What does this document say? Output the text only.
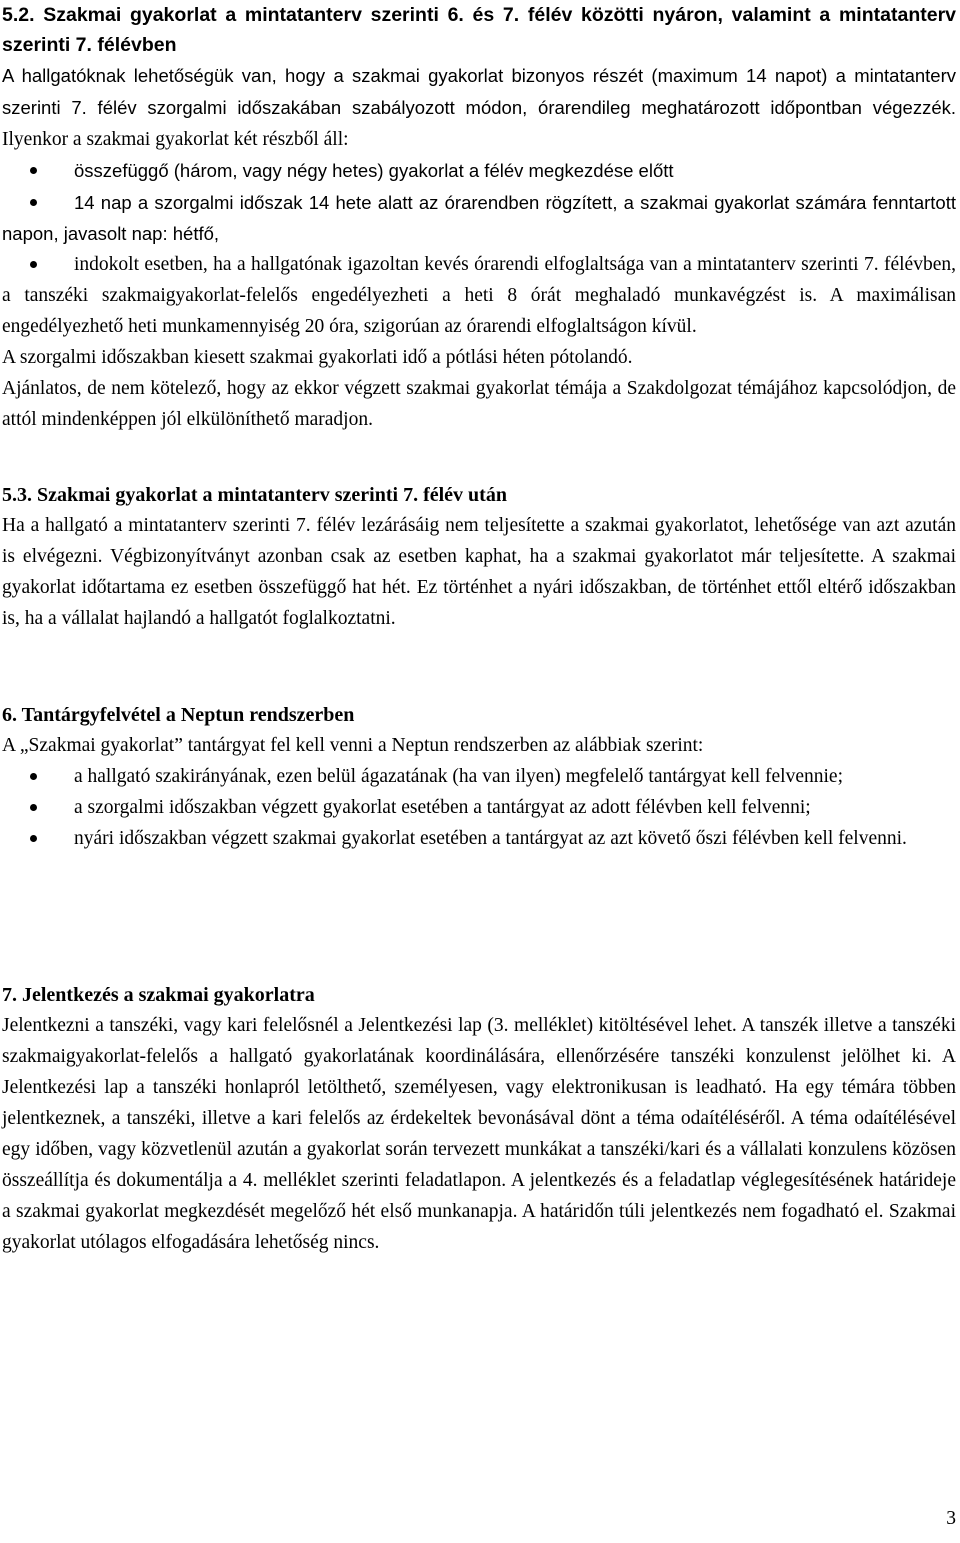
5.2. Szakmai gyakorlat a mintatanterv szerinti 6. és 7. félév közötti nyáron, valamint a mintatanterv szerinti 7. félévben

A hallgatóknak lehetőségük van, hogy a szakmai gyakorlat bizonyos részét (maximum 14 napot) a mintatanterv szerinti 7. félév szorgalmi időszakában szabályozott módon, órarendileg meghatározott időpontban végezzék. Ilyenkor a szakmai gyakorlat két részből áll:

összefüggő (három, vagy négy hetes) gyakorlat a félév megkezdése előtt

14 nap a szorgalmi időszak 14 hete alatt az órarendben rögzített, a szakmai gyakorlat számára fenntartott napon, javasolt nap: hétfő,

indokolt esetben, ha a hallgatónak igazoltan kevés órarendi elfoglaltsága van a mintatanterv szerinti 7. félévben, a tanszéki szakmaigyakorlat-felelős engedélyezheti a heti 8 órát meghaladó munkavégzést is. A maximálisan engedélyezhető heti munkamennyiség 20 óra, szigorúan az órarendi elfoglaltságon kívül.

A szorgalmi időszakban kiesett szakmai gyakorlati idő a pótlási héten pótolandó.

Ajánlatos, de nem kötelező, hogy az ekkor végzett szakmai gyakorlat témája a Szakdolgozat témájához kapcsolódjon, de attól mindenképpen jól elkülöníthető maradjon.

5.3. Szakmai gyakorlat a mintatanterv szerinti 7. félév után

Ha a hallgató a mintatanterv szerinti 7. félév lezárásáig nem teljesítette a szakmai gyakorlatot, lehetősége van azt azután is elvégezni. Végbizonyítványt azonban csak az esetben kaphat, ha a szakmai gyakorlatot már teljesítette. A szakmai gyakorlat időtartama ez esetben összefüggő hat hét. Ez történhet a nyári időszakban, de történhet ettől eltérő időszakban is, ha a vállalat hajlandó a hallgatót foglalkoztatni.

6. Tantárgyfelvétel a Neptun rendszerben

A „Szakmai gyakorlat” tantárgyat fel kell venni a Neptun rendszerben az alábbiak szerint:

a hallgató szakirányának, ezen belül ágazatának (ha van ilyen) megfelelő tantárgyat kell felvennie;
a szorgalmi időszakban végzett gyakorlat esetében a tantárgyat az adott félévben kell felvenni;
nyári időszakban végzett szakmai gyakorlat esetében a tantárgyat az azt követő őszi félévben kell felvenni.
7. Jelentkezés a szakmai gyakorlatra

Jelentkezni a tanszéki, vagy kari felelősnél a Jelentkezési lap (3. melléklet) kitöltésével lehet. A tanszék illetve a tanszéki szakmaigyakorlat-felelős a hallgató gyakorlatának koordinálására, ellenőrzésére tanszéki konzulenst jelölhet ki. A Jelentkezési lap a tanszéki honlapról letölthető, személyesen, vagy elektronikusan is leadható. Ha egy témára többen jelentkeznek, a tanszéki, illetve a kari felelős az érdekeltek bevonásával dönt a téma odaítéléséről. A téma odaítélésével egy időben, vagy közvetlenül azután a gyakorlat során tervezett munkákat a tanszéki/kari és a vállalati konzulens közösen összeállítja és dokumentálja a 4. melléklet szerinti feladatlapon. A jelentkezés és a feladatlap véglegesítésének határideje a szakmai gyakorlat megkezdését megelőző hét első munkanapja. A határidőn túli jelentkezés nem fogadható el. Szakmai gyakorlat utólagos elfogadására lehetőség nincs.

3
